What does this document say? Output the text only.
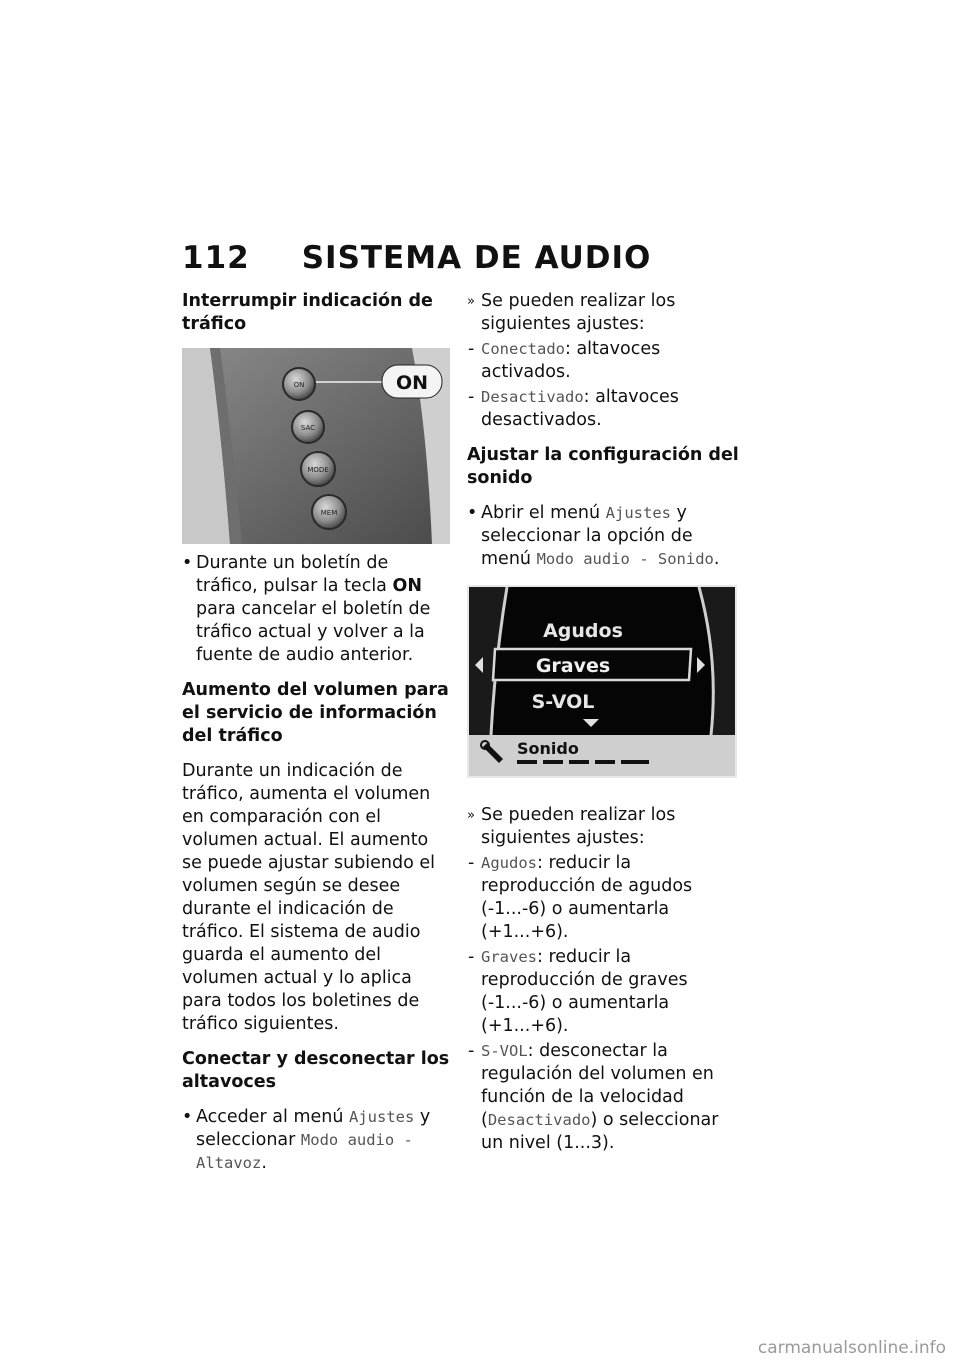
112 SISTEMA DE AUDIO
Interrumpir indicación de tráfico
ON
SAC
MODE
MEM
ON

• Durante un boletín de tráfico, pulsar la tecla ON para cancelar el boletín de tráfico actual y volver a la fuente de audio anterior.

Aumento del volumen para el servicio de información del tráfico

Durante un indicación de tráfico, aumenta el volumen en comparación con el volumen actual. El aumento se puede ajustar subiendo el volumen según se desee durante el indicación de tráfico. El sistema de audio guarda el aumento del volumen actual y lo aplica para todos los boletines de tráfico siguientes.

Conectar y desconectar los altavoces

• Acceder al menú Ajustes y seleccionar Modo audio - Altavoz.

» Se pueden realizar los siguientes ajustes:

- Conectado: altavoces activados.

- Desactivado: altavoces desactivados.

Ajustar la configuración del sonido

• Abrir el menú Ajustes y seleccionar la opción de menú Modo audio - Sonido.

Agudos
Graves
S-VOL
Sonido

» Se pueden realizar los siguientes ajustes:

- Agudos: reducir la reproducción de agudos (-1...-6) o aumentarla (+1...+6).

- Graves: reducir la reproducción de graves (-1...-6) o aumentarla (+1...+6).

- S-VOL: desconectar la regulación del volumen en función de la velocidad (Desactivado) o seleccionar un nivel (1...3).

carmanualsonline.info
